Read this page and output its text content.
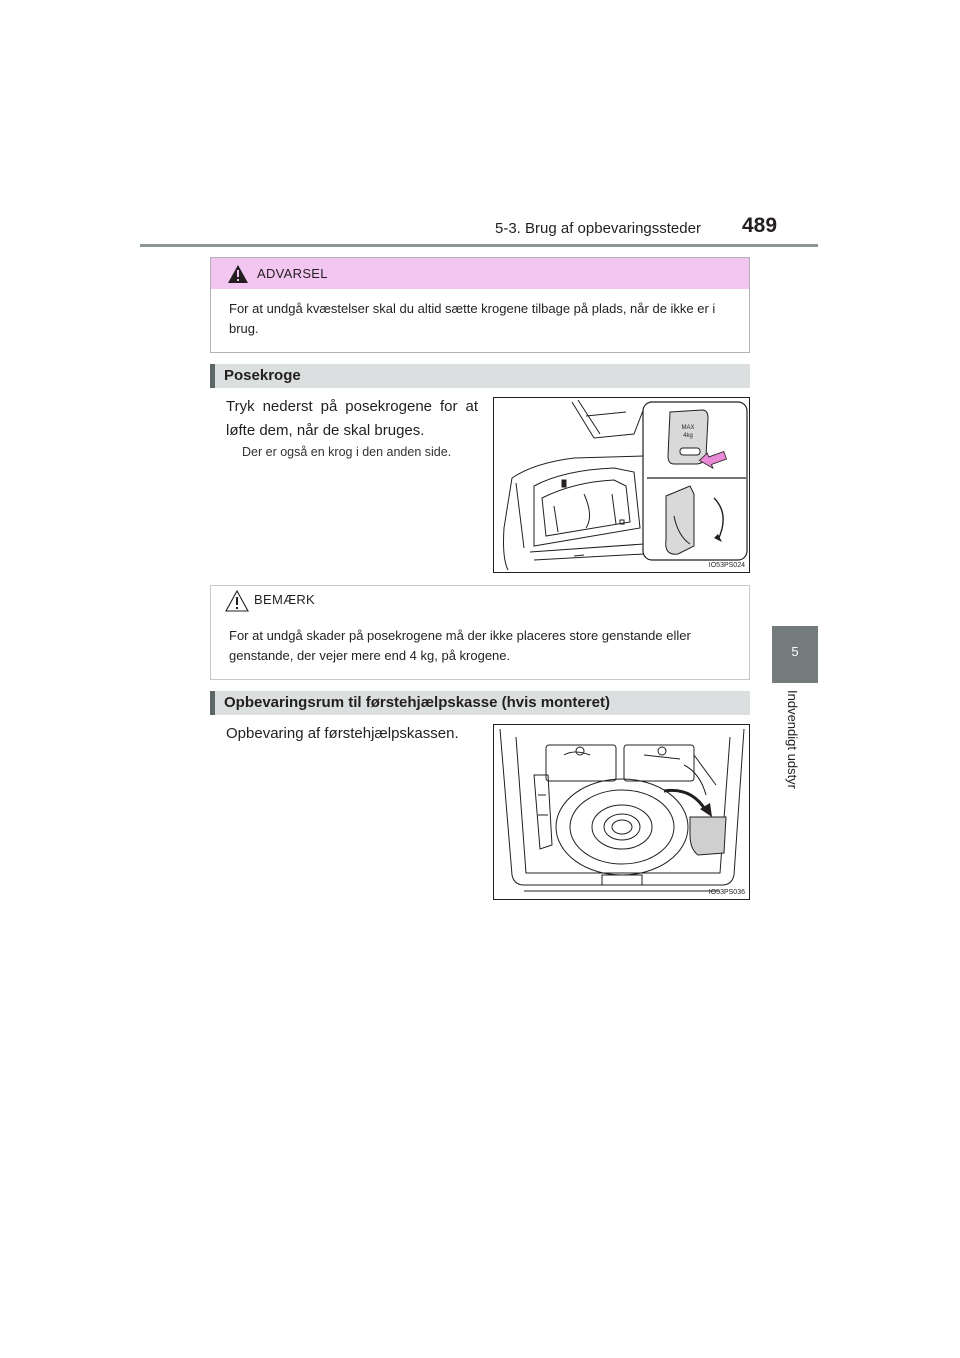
5-3. Brug af opbevaringssteder 489
5
Indvendigt udstyr
ADVARSEL
For at undgå kvæstelser skal du altid sætte krogene tilbage på plads, når de ikke er i brug.
Posekroge
Tryk nederst på posekrogene for at løfte dem, når de skal bruges.
Der er også en krog i den anden side.
MAX
4kg
IO53PS024
BEMÆRK
For at undgå skader på posekrogene må der ikke placeres store genstande eller genstande, der vejer mere end 4 kg, på krogene.
Opbevaringsrum til førstehjælpskasse (hvis monteret)
Opbevaring af førstehjælpskassen.
IO53PS036
